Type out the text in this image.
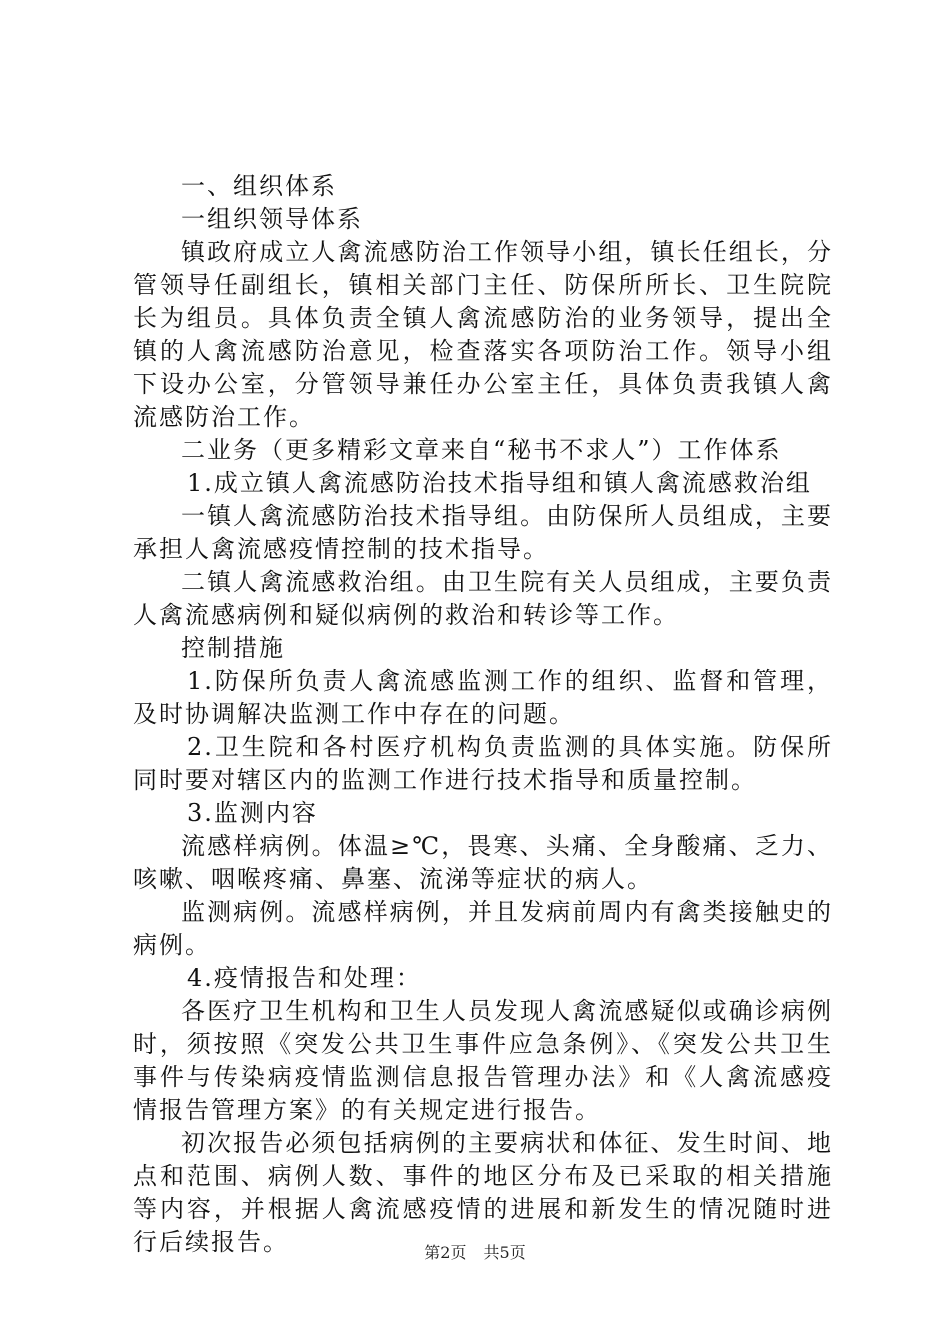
一、组织体系

一组织领导体系

镇政府成立人禽流感防治工作领导小组，镇长任组长，分管领导任副组长，镇相关部门主任、防保所所长、卫生院院长为组员。具体负责全镇人禽流感防治的业务领导，提出全镇的人禽流感防治意见，检查落实各项防治工作。领导小组下设办公室，分管领导兼任办公室主任，具体负责我镇人禽流感防治工作。

二业务（更多精彩文章来自“秘书不求人”）工作体系

1.成立镇人禽流感防治技术指导组和镇人禽流感救治组

一镇人禽流感防治技术指导组。由防保所人员组成，主要承担人禽流感疫情控制的技术指导。

二镇人禽流感救治组。由卫生院有关人员组成，主要负责人禽流感病例和疑似病例的救治和转诊等工作。

控制措施

1.防保所负责人禽流感监测工作的组织、监督和管理，及时协调解决监测工作中存在的问题。

2.卫生院和各村医疗机构负责监测的具体实施。防保所同时要对辖区内的监测工作进行技术指导和质量控制。

3.监测内容

流感样病例。体温≥℃，畏寒、头痛、全身酸痛、乏力、咳嗽、咽喉疼痛、鼻塞、流涕等症状的病人。

监测病例。流感样病例，并且发病前周内有禽类接触史的病例。

4.疫情报告和处理：

各医疗卫生机构和卫生人员发现人禽流感疑似或确诊病例时，须按照《突发公共卫生事件应急条例》、《突发公共卫生事件与传染病疫情监测信息报告管理办法》和《人禽流感疫情报告管理方案》的有关规定进行报告。

初次报告必须包括病例的主要病状和体征、发生时间、地点和范围、病例人数、事件的地区分布及已采取的相关措施等内容，并根据人禽流感疫情的进展和新发生的情况随时进行后续报告。	第2页 共5页
